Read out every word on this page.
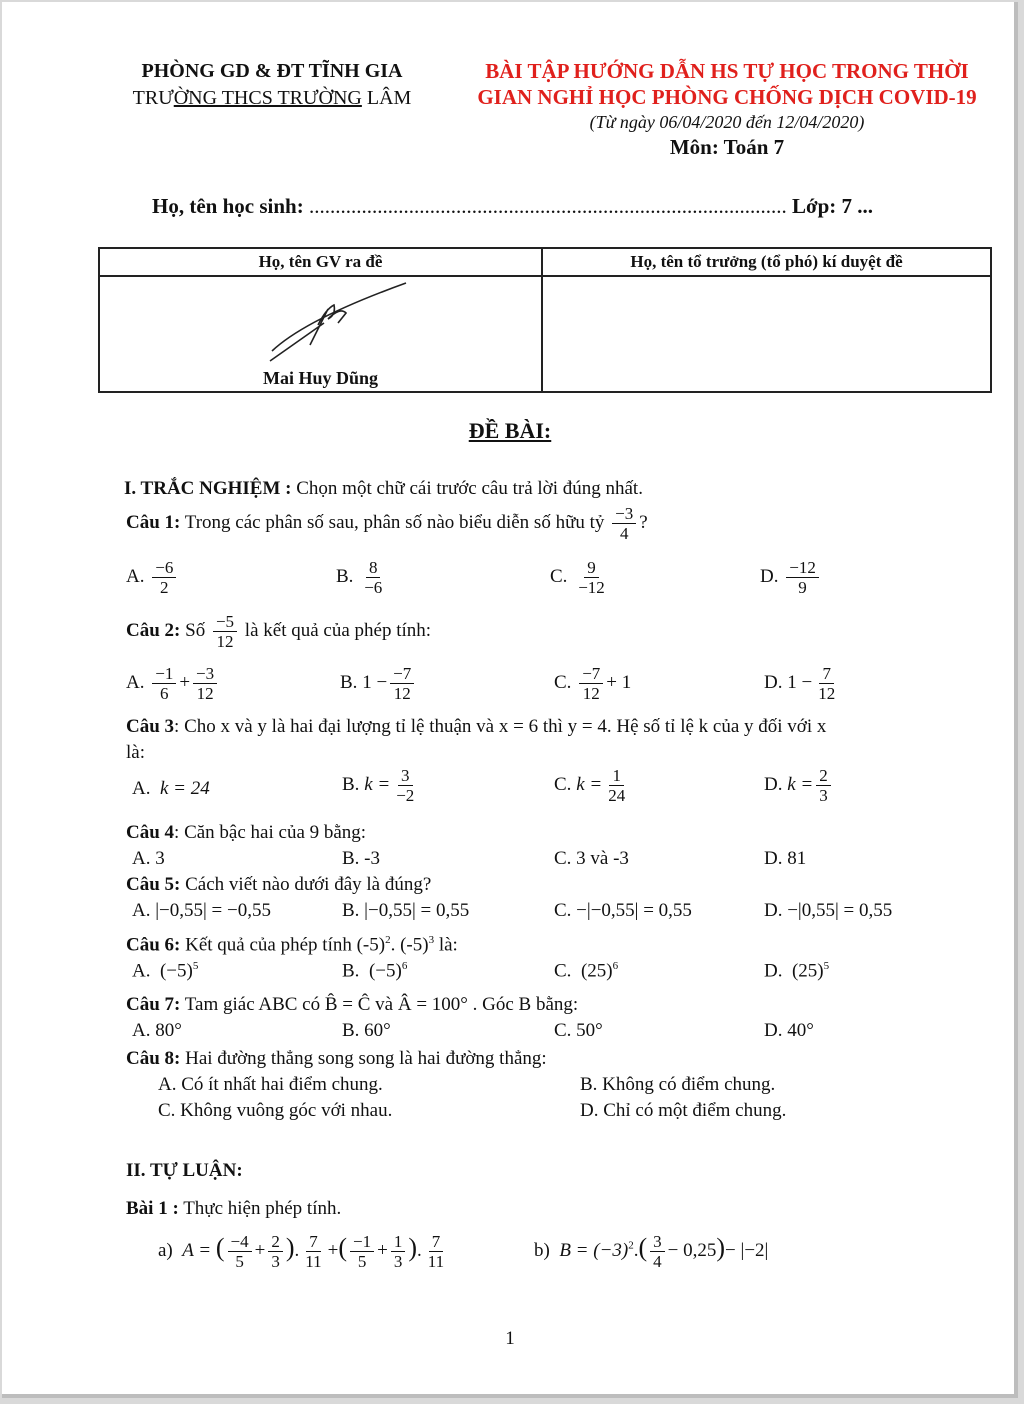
PHÒNG GD & ĐT TĨNH GIA
TRƯỜNG THCS TRƯỜNG LÂM
BÀI TẬP HƯỚNG DẪN HS TỰ HỌC TRONG THỜI
GIAN NGHỈ HỌC PHÒNG CHỐNG DỊCH COVID-19
(Từ ngày 06/04/2020 đến 12/04/2020)
Môn: Toán 7
Họ, tên học sinh: ........................................................................................... Lớp: 7 ...
Họ, tên GV ra đề	Họ, tên tổ trưởng (tổ phó) kí duyệt đề

Mai Huy Dũng	

ĐỀ BÀI:
I. TRẮC NGHIỆM : Chọn một chữ cái trước câu trả lời đúng nhất.
Câu 1: Trong các phân số sau, phân số nào biểu diễn số hữu tỷ $\frac{-3}{4}$ ?
A. $\frac{-6}{2}$	B. $\frac{8}{-6}$	C. $\frac{9}{-12}$	D. $\frac{-12}{9}$
Câu 2: Số $\frac{-5}{12}$ là kết quả của phép tính:
A. $\frac{-1}{6} + \frac{-3}{12}$	B. $1 - \frac{-7}{12}$	C. $\frac{-7}{12} + 1$	D. $1 - \frac{7}{12}$
Câu 3: Cho x và y là hai đại lượng tỉ lệ thuận và x = 6 thì y = 4. Hệ số tỉ lệ k của y đối với x
là:
A. k = 24	B. $k = \frac{3}{-2}$	C. $k = \frac{1}{24}$	D. $k = \frac{2}{3}$
Câu 4: Căn bậc hai của 9 bằng:
A. 3	B. -3	C. 3 và -3	D. 81
Câu 5: Cách viết nào dưới đây là đúng?
A. |−0,55| = −0,55	B. |−0,55| = 0,55	C. −|−0,55| = 0,55	D. −|0,55| = 0,55
Câu 6: Kết quả của phép tính $(-5)^2$. $(-5)^3$ là:
A. $(-5)^5$	B. $(-5)^6$	C. $(25)^6$	D. $(25)^5$
Câu 7: Tam giác ABC có B̂ = Ĉ và Â = 100° . Góc B bằng:
A. 80°	B. 60°	C. 50°	D. 40°
Câu 8: Hai đường thẳng song song là hai đường thẳng:
A. Có ít nhất hai điểm chung.	B. Không có điểm chung.
C. Không vuông góc với nhau.	D. Chỉ có một điểm chung.
II. TỰ LUẬN:
Bài 1 : Thực hiện phép tính.
a) A = ( $\frac{-4}{5} + \frac{2}{3}$ ). $\frac{7}{11}$ +( $\frac{-1}{5} + \frac{1}{3}$ ). $\frac{7}{11}$	b) $B = (-3)^2.( \frac{3}{4} - 0,25)- |-2|$
1
